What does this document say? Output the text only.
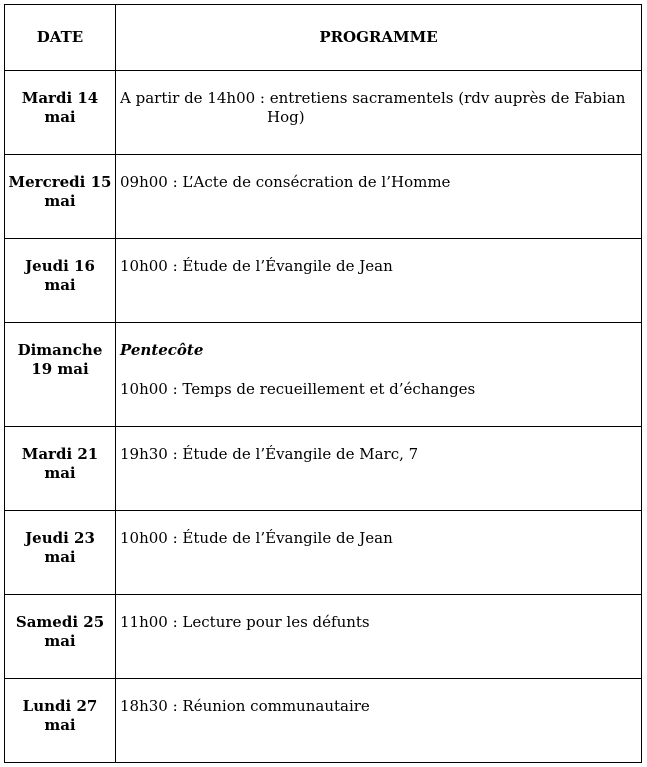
DATE	PROGRAMME

Mardi 14
mai	A partir de 14h00 : entretiens sacramentels (rdv auprès de Fabian
Hog)

Mercredi 15
mai	09h00 : L’Acte de consécration de l’Homme

Jeudi 16
mai	10h00 : Étude de l’Évangile de Jean

Dimanche
19 mai	Pentecôte
10h00 : Temps de recueillement et d’échanges

Mardi 21
mai	19h30 : Étude de l’Évangile de Marc, 7

Jeudi 23
mai	10h00 : Étude de l’Évangile de Jean

Samedi 25
mai	11h00 : Lecture pour les défunts

Lundi 27
mai	18h30 : Réunion communautaire
